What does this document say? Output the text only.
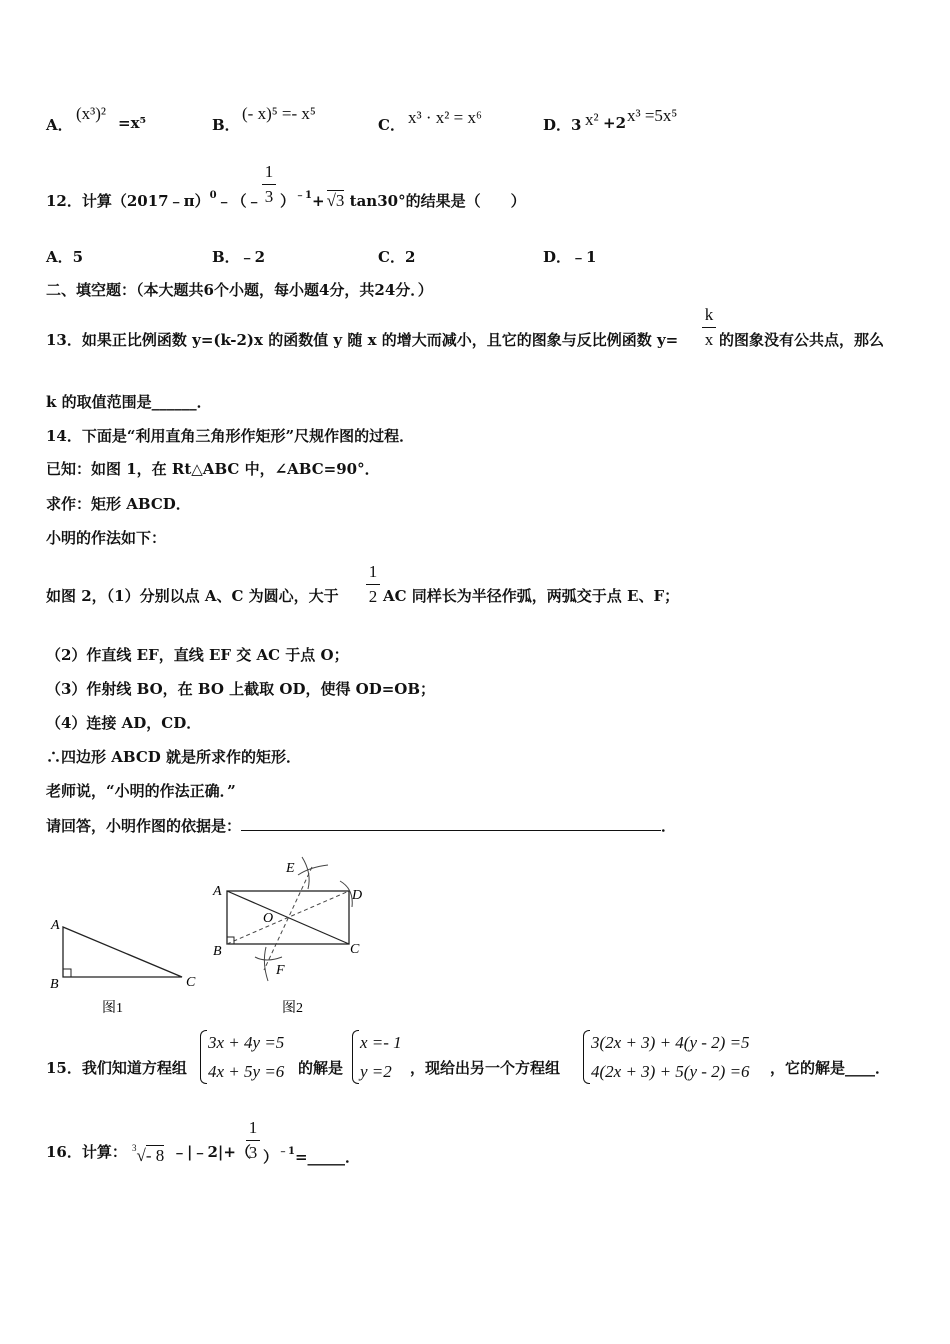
A．
(x³)² =x⁵	B．
(- x)⁵ =- x⁵
C． x³ · x² = x⁶	D．3 x² +2 x³ =5x⁵
12．计算（2017﹣π）$^0$﹣（﹣
1
3 ）$^{﹣1}$+ √3 tan30°的结果是（　　）
A．5	B．﹣2	C．2	D．﹣1
二、填空题：（本大题共6个小题，每小题4分，共24分．）
13．如果正比例函数 y=(k-2)x 的函数值 y 随 x 的增大而减小，且它的图象与反比例函数 y=
k
x 的图象没有公共点，那么
k 的取值范围是______．
14．下面是“利用直角三角形作矩形”尺规作图的过程．
已知：如图 1，在 Rt△ABC 中，∠ABC=90°．
求作：矩形 ABCD．
小明的作法如下：
如图 2，（1）分别以点 A、C 为圆心，大于
1
2 AC 同样长为半径作弧，两弧交于点 E、F；
（2）作直线 EF，直线 EF 交 AC 于点 O；
（3）作射线 BO，在 BO 上截取 OD，使得 OD=OB；
（4）连接 AD，CD．
∴四边形 ABCD 就是所求作的矩形．
老师说，“小明的作法正确．”
请回答，小明作图的依据是：	．
A
B	C
图1
A
B	C
D
E
F
O
图2
15．我们知道方程组
3x + 4y =5
4x + 5y =6 的解是
x =- 1
y =2	，现给出另一个方程组
3(2x + 3) + 4(y - 2) =5
4(2x + 3) + 5(y - 2) =6 ，它的解是____．
16．计算： $^3$√- 8 ﹣|﹣2|+（
1
3 ）$^{﹣1}$=_____．
